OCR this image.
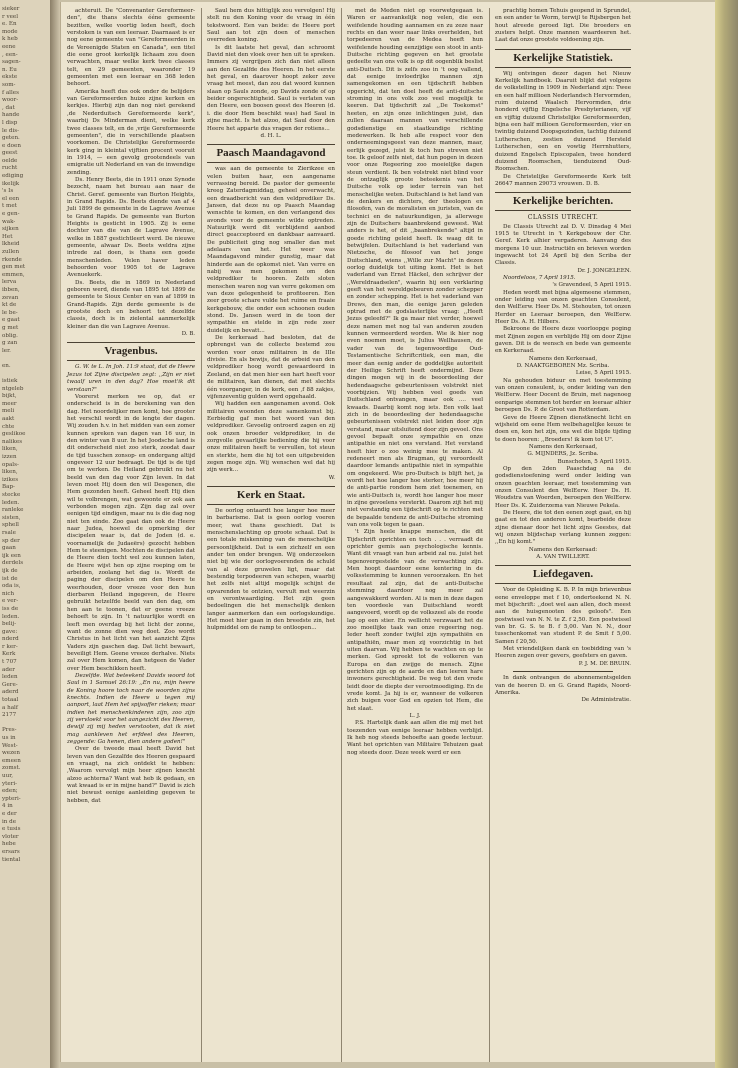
sieker
r veel
e. En
mode
k heb
eene
, een-
sagen-
n. Eu
ekste
som-
f alles
woor-
, dat
hande
l disp
le dis-
geten.
e doen
geest
oelde
rucht
ediging
ikelijk
's Is
el een
t met
e gen-
wak-
sijken
Het
lkheid
zullen
rkende
gen met
emmen,
lerva
ibben,
zevan
kt de
le be-
e gaat
g met
oblig.
g zan
ler.

en.

istiek
ntgeleb
bijkt,
meer
meli
aakt
chte
geslikoe
nalikes
liken,
izzen
opals-
liken,
izikes
Bap-
stecke
leden.
ranleke
sisten,
sphell
rsale
sp der
gaan
ijk een
derdels
ijk de
ist de
oda is,
nich
e ver-
iss de
leden.
belij-
gave:
nderd
r ker-
Kerk
t 707
ader
leden
Gere-
aderd
totaal
a half
2177

Pres-
us in
West-
wezen
emeen
zomst.
uur,
yteri-
eden;
ypteri-
4 in
e der
in de
e tusis
vloter
hebe
ersars
tiental

achteruit. De "Convenanter Gereformeer-den", die thans slechts ééne gemeente bezitten, welke voortig leden heeft, doch verstoken is van een leeraar. Daarnaast is er nog eene gemeente van "Gereformeerden in de Vereenigde Staten en Canada", een titel die eene groot kerkelijk lichaam zou doen verwachten, maar welke kerk twee classes telt, en 29 gemeenten, waaronder 19 gemeenten met een leeraar en 368 leden behoort.

Amerika heeft dus ook onder de belijders van Gereformeerden huize zijne kerken en kerkjes. Hierbij zijn dan nog niet gerekend ,de Nederduitsch Gereformeerde kerk", waarbij Ds Minderman dient, welke kerk twee classes telt, en de ,vrije Gereformeerde gemeenten", die in verschillende plaatsen voorkomen. De Christelijke Gereformeerde kerk ging in kleintal vijftien procent vooruit in 1914, — een gevolg grootendeels van emigratie uit Nederland en van de inwendige zending.

Ds. Henry Beets, die in 1911 onze Synode bezocht, naam het bureau aan naar de Christ. Geref. gemeente van Burton Heights, in Grand Rapids. Ds. Beets diende van af 4 Juli 1899 de gemeente in de Lagrave Avenue te Grand Rapids. De gemeente van Burton Heights is gesticht in 1905. Zij is eene dochter van die van de Lagrave Avenue, welke in 1887 gestichtleert werd. De nieuwe gemeente, alwaar Ds. Beets weldra zijne intrede zal doen, is thans een goede menschenleden. Velen haver leden behoorden voor 1905 tot de Lagrave Avenuekerk.

Ds. Beets, die in 1869 in Nederland geboren werd, diende van 1895 tot 1899 de gemeente te Sioux Center en van af 1899 in Grand-Rapids. Zijn derde gemeente is de grootste doch en behoort tot dezelfde classis, doch is in zielental aanmerkelijk kleiner dan die van Lagrave Avenue.

D. B.

Vragenbus.

G. W. te L. In Joh. 11:9 staat, dat de Heere Jezus tot Zijne discipelen zegt: ,,Zijn er niet twaalf uren in den dag? Hoe moet'ik dit verstaan?"

Voorerst merken we op, dat er onderscheid is in de berekening van den dag. Het noordelijker men komt, hoe grooter het verschil wordt in de lengte der dagen. Wij zouden h.v. in het midden van een zomer kunnen spreken van dagen van 16 uur, in den winter van 8 uur. In het Joodsche land is dit onderscheid niet zoo sterk, zoodat daar de tijd tusschen zonsop- en ondergang altijd ongeveer 12 uur bedraagt. De tijd is de tijd om te werken. De Heiland gebruikt nu het beeld van den dag voor Zijn leven. In dat leven moet Hij doen den wil Desgenen, die Hem gezonden heeft. Geheel heeft Hij dien wil te volbrengen, wat gewoonte er ook aan verbonden mogen zijn. Zijn dag zal over eenigen tijd eindigen, maar nu is die dag nog niet ten einde. Zoo gaat dan ook de Heere naar Judea, hoewel de opmerking der discipelen waar is, dat de Joden (d. e. voornamelijk de Judaeërs) gezocht hebben Hem te steenigen. Mochten de discipelen dat de Heere dien tocht wel zou kunnen laten, de Heere wijst hen op zijne roeping om te arbeiden, zoolang het dag is. Wordt de paging der discipelen om den Heere te weerhouden, door vreeze voor den hun dierbaren Heiland ingegeven, de Heere gebruikt hetzelfde beeld van den dag, om hen aan te toonen, dat er geene vreeze behoeft te zijn. In 't natuurlijke wordt en leeft men overdag bij het licht der zonne, want de zonne dien weg doet. Zoo wordt Christus in het licht van het aanzicht Zijns Vaders zijn gaschen dag. Dat licht bewaart, beveiligt Hem. Geene vreeze derhalve. Niets zal over Hem komen, dan hetgeen de Vader over Hem beschikken heeft.

Dezelfde. Wat beteekent Davids woord tot Saul in 1 Samuel 26:19: ,,En nu, mijn heere de Koning hoore toch naar de woorden zijns knechts. Indien de Heere u tegen mij aanport, laat Hem het spijsoffer rieken; maar indien het menschenkinderen zijn, zoo zijn zij vervloekt voor het aangezicht des Heeren, dewijl zij mij heden verstooten, dat ik niet mag aankleven het erfdeel des Heeren, zeggende: Ga henen, dien andere goden!"

Over de tweede maal heeft David het leven van den Gezalfde des Heeren gespaard en vraagt, na zich ontdekt te hebben: ,Waarom vervolgt mijn heer zijnen knecht alzoo achterna? Want wat heb ik gedaan, en wat kwaad is er in mijne hand?" David is zich niet bewust eenige aanleiding gegeven te hebben, dat

Saul hem dus hittiglijk zou vervolgen! Hij stelt nu den Koning voor de vraag in één tekstwoord. Een van beide: de Heere port Saul aan tot zijn doen of menschen overreden koning.

Is dit laatste het geval, dan schroomt David niet den vloek over hen uit te spreken. Immers zij vergrijpen zich dan niet alleen aan den Gezalfde des Heeren. In het eerste het geval, en daarover hoopt zeker zeve vraag het meest, dan zou dat woord kunnen slaan op Sauls zonde, op Davids zonde of op beider ongerechtigheid. Saul is verlaten van den Heere, een boosen geest des Heeren (d. i. die door Hem beschikt was) had Saul in zijne macht. Is het alzoo, dat Saul door den Heere het apparte dus vragen der rotiens...

d. H. L.

Paasch Maandagavond

was aan de gemeente te Zierikzee en velen buiten haar, een aangename verrassing bereid. De pastor der gemeente kreeg Zaterdagmiddag, geheel onverwacht, een draadbericht van den veldprediker Ds. Jansen, dat deze nu op Paasch Maandag wenschte te komen, en den verlangend des avonds voor de gemeente wilde optreden. Natuurlijk werd dit verblijdend aanbod direct geaccepteerd en dankbaar aanvaard. De publiciteit ging nog smaller dan met adelaars van het. Het weer was Maandagavond minder gunstig, maar dat hinderde aan de opkomst niet. Van verre en nabij was men gekomen om den veldprediker te hooren. Zelfs sloten menschen waren nog van verre gekomen om van deze gelegenheid te profiteeren. Een zeer groote schare vulde het ruime en fraaie kerkgebouw, die onder een schoonen ouden stond. Ds. Jansen werd in de toon der sympathie en stelde in zijn rede zeer duidelijk en bevatt...

De kerkeraad had besloten, dat de opbrengst van de collecte bestemd zou worden voor onze militairen in de IIIe divisie. En als bewijs, dat de arbeid van den veldprediker hoog wordt gewaardeerd in Zeeland, en dat men hier een hart heeft voor de militairen, kan dienen, dat met slechts één voorganger, in de kerk, een ,f 88 zakjes, vijfenzeventig gulden werd opgehaald.

Wij hadden een aangenamen avond. Ook militairen woonden deze samenkomst bij. Eerbiedig gaf men het woord van den veldprediker. Gevoelig ontroerd zagen en zij ook onzen broeder veldprediker, in de zorgvolle gevaarlijke bediening die hij voor onze militairen heeft te vervullen, tot steun en sterkte, hem die hij tot een uitgebreiden zegen moge zijn. Wij wenschen wel dat hij zijn werk...

W.

Kerk en Staat.

De oorlog ontaardt hoe langer hoe meer in barbarisme. Dat is geen oorlog voeren meer, wat thans geschiedt. Dat is menschenslachting op groote schaal. Dat is een totale miskenning van de menschelijke persoonlijkheid. Dat is een zichzelf en een ander ten onder brengen. Wij onderzoeken niet bij wie der oorlogvoerenden de schuld van al deze gruwelen ligt, maar dat bestendig terpodeeren van schepen, waarbij het zelfs niet altijd mogelijk schijnt de opvarenden te ontzien, vervult met weerzin en verontwaardiging. Het zijn geen bedoelingen die het menschelijk denken langer aanmerken dan een oorlogskundige. Het moet hier gaan in den breedste zin, het hulpmiddel om de ramp te ontloopen...

met de Meden niet op voorwetgegaan is. Waren er aanvankelijk nog velen, die een weifelende houding aannamen en zu zeze naar rechts en dan weer naar links overhelden, het torpedeeren van de Medea heeft hun weifelende houding eenzijdige een stoot in anti-Duitsche richting gegeven en het grootste gedeelte van ons volk is op dit oogenblik beslist anti-Duitsch. Dit is zelfs zoo in 't oog vallend, dat eenige invloedrijke mannen zijn samengekomen en een tijdschrift hebben opgericht, dat ten doel heeft de anti-duitsche stroming in ons volk zoo veel mogelijk te keeren. Dat tijdschrift zal ,,De Toekomst" heeten, en zijn onze inlichtingen juist, dan zullen daaraan mannen van verschillende godsdienstige en staatkundige richting medewerken. Ik heb alle respect voor den onderneemingsgeest van deze mannen, maar, eerlijk gezegd, juist ik toch hun streven niet toe. Ik geloof zelfs niet, dat hun pogen in dezen voor onze Regeering zoo moeielijke dagen steun verdient. Ik ben volstrekt niet blind voor de ontzaglijk groote beteekenis van het Duitsche volk op ieder terrein van het menschelijke weten. Duitschland is het land van de denkers en dichters, der theologen en filosofen, van de moralisten en juristen, van de technici en de natuurkundigen, ja allerwege zijn de Duitschers baanbrekend geweest. Wat anders is het, of dit ,,baanbrekende" altijd in goede richting geleid heeft. Ik waag dit te betwijfelen. Duitschland is het vaderland van Nietzsche, de filosoof van het jonge Duitschland, wiens ,,Wille zur Macht" in dezen oorlog duidelijk tot uiting komt. Het is het vaderland van Ernst Häckel, den schrijver der ,,Wereldraadselen", waarin hij een verklaring geeft van het wereldgebeuren zonder schepper en zonder schepping. Het is het vaderland van Drews, den man, die eenige jaren geleden optrad met de godslasterlijke vraag: ,,Heeft Jezus geleefd?" Ik ga maar niet verder, hoewel deze namen met nog tal van anderen zouden kunnen vermeerderd worden. Wie ik hier nog even noemen moet, is Julius Wellhausen, de vader van de tegenwoordige Oud-Testamentische Schriftcritiek, een man, die meer dan eenig ander de goddelijke autoriteit der Heilige Schrift heeft ondermijnd. Deze dingen mogen wij in de beoordeeling der hedendaagsche gebeurtenissen volstrekt niet voorbijzien. Wij hebben veel goeds van Duitschland ontvangen, maar ook .... veel kwaads. Daarbij komt nog iets. Een volk laat zich in de beoordeeling der hedendaagsche gebeurtenissen volstrekt niet leiden door zijn verstand, maar uitsluitend door zijn gevoel. Ons gevoel bepaalt onze sympathie en onze antipathie en niet ons verstand. Het verstand heeft hier o zoo weinig mee te maken. Al redeneert men als Brugman, gij veroordeelt daardoor lemands antipathie niet in sympathie om ongekeerd. Wie pro-Duitsch is blijft het, ja wordt het hoe langer hoe sterker, hoe meer hij de anti-partie rondom hem ziet toenemen, en wie anti-Duitsch is, wordt hoe langer hoe meer in zijne gevoelens versterkt. Daarom zijt het mij niet verstandig een tijdschrift op te richten met de bepaalde tendenz de anti-Duitsche stroming van ons volk tegen te gaan.

't Zijn heele knappe menschen, die dit Tijdschrift oprichten en toch . . . verraadt de oprichter gemis aan psychologische kennis. Want dit vraagt van hun arbeid zal nu. juist het tegenovergestelde van de verwachting zijn. Men hoopt daardoor eene kentering in de volksstemming te kunnen veroorzaken. En het resultaat zal zijn, dat de anti-Duitsche stemming daardoor nog meer zal aangewakkerd worden. Al is men in deze dagen ten voordeele van Duitschland wordt aangevoerd, wordt op de volkszeel als de roode lap op een stier. En wellicht verzwaart het de zoo moeilijke taak van onze regeering nog. Ieder heeft zonder twijfel zijn sympathiën en antipathiën, maar men zij voorzichtig in het uiten daarvan. Wij hebben te wachten en op te merken. God spreekt tot de volkeren van Europa en dan zwijge de mensch. Zijne gerichten zijn op de aarde en dan leeren hare inwoners gerechtigheid. De weg tot den vrede leidt door de diepte der verootmoediging. En de vrede komt. Ja hij is er, wanneer de volkeren zich buigen voor God en opzien tot Hem, die het slaat.

L. J.

P.S. Hartelijk dank aan allen die mij met het toezenden van eenige leeraar hebben verblijd. Ik heb nog steeds behoefte aan goede lectuur. Want het oprichten van Militaire Tehuizen gaat nog steeds door. Deze week werd er een

prachtig homen Tehuis geopend in Sprundel, en een ander te Worm, terwijl te Rijsbergen het hout alreede geroed ligt. Die broeders en zusters helpt. Onze mannen waardeeren het. Laat dat onze grootste voldoening zijn.

Kerkelijke Statistiek.

Wij ontvingen dezer dagen het Nieuw Kerkelijk handboek. Daaruit blijkt dat volgens de volkstelling in 1909 in Nederland zijn: Twee en een half millioen Nederlandsch Hervormden, ruim duizend Waalsch Hervormden, drie honderd vijftig Engelsche Presbyterianen, vijf en vijftig duizend Christelijke Gereformeerden, bijna een half millioen Gereformeerden, vier en twintig duizend Doopsgezinden, tachtig duizend Lutherschen, zestien duizend Hersteld Lutherschen, een en vowtig Herrnhutters, duizend Engelsch Episcopalen, twee honderd duizend Roomschen, tienduizend Oud-Roomschen.

De Christelijke Gereformeerde Kerk telt 26647 mannen 29073 vrouwen. D. B.

Kerkelijke berichten.
CLASSIS UTRECHT.

De Classis Utrecht zal D. V. Dinsdag 4 Mei 1915 te Utrecht in 't Kerkgebouw der Chr. Geref. Kerk alhier vergaderen. Aanvang des morgens 10 uur. Instructiën en brieven worden ingewacht tot 24 April bij den Scriba der Classis.

Dr. J. JONGELEEN.

Noordeloos, 7 April 1915.

's Gravendeel, 5 April 1915.

Heden wordt met bijna algemeene stemmen, onder leiding van onzen geachten Consulent, den WelEerw. Heer Ds. M. Stehouten, tot onzen Herder en Leeraar beroepen, den WelEerw. Heer Ds. A. H. Hilbers.

Bekroone de Heere deze voorloopge poging met Zijnen zegen en verblijde Hij om door Zijne gaven. Dit is de wensch en bede van gemeente en Kerkeraad.

Namens den Kerkeraad,

D. NAAKTGEBOREN Mz. Scriba.

Leise, 5 April 1915.

Na gehouden biduur en met toestemming van onzen consulent, is, onder leiding van den WelEerw. Heer Docent de Bruin, met nagenoeg eenparige stemmen tot herder en leeraar alhier beroepen Ds. P. de Groot van Rotterdam.

Geve de Heere Zijnen dienstknecht licht en wijsheid om eene Hem welbehagelijke keuze te doen en, kon het zijn, ons wel die blijde tijding te doen hooren: ,,Broeders! ik kom tot U".

Namens den Kerkeraad,

G. MIJNDERS, Jz. Scriba.

Bunschoten, 5 April 1915.

Op den 2den Paaschdag na de godsdienstoefening werd onder leiding van onzen geachten leeraar, met toestemming van onzen Consulent den WelEerw. Heer Ds. H. Woudstra van Woerden, beroepen den WelEerw. Heer Ds. K. Zuiderzema van Nieuwe Pekela.

De Heere, die tot den eenen zegt gaat, en hij gaat en tot den anderen komt, bearbeide deze zijne dienaar door het licht zijns Geestes, dat wij onzen blijdschap verlang kunnen zeggen: ,,En hij komt."

Namens den Kerkeraad:

A. VAN TWILLERT.

Liefdegaven.

Voor de Opleiding K. B. P. In mijn brievenbus eene enveloppe met f 10, onderteekend N. N. met bijschrift: ,,doet wel aan allen, doch meest aan de huisgenooten des geloofs". Een postwissel van N. N. te Z. f 2,50. Een postwissel van br. G. S. te B. f 5,00. Van N. N., door tusschenkomst van student P. de Smit f 5,00. Samen f 20,50.

Met vriendelijken dank en toebidding van 's Heeren zegen over gevers, geefsters en gaven.

P. J. M. DE BRUIN.

In dank ontvangen de abonnementsgelden van de heeren D. en G. Grand Rapids, Noord-Amerika.

De Administratie.
